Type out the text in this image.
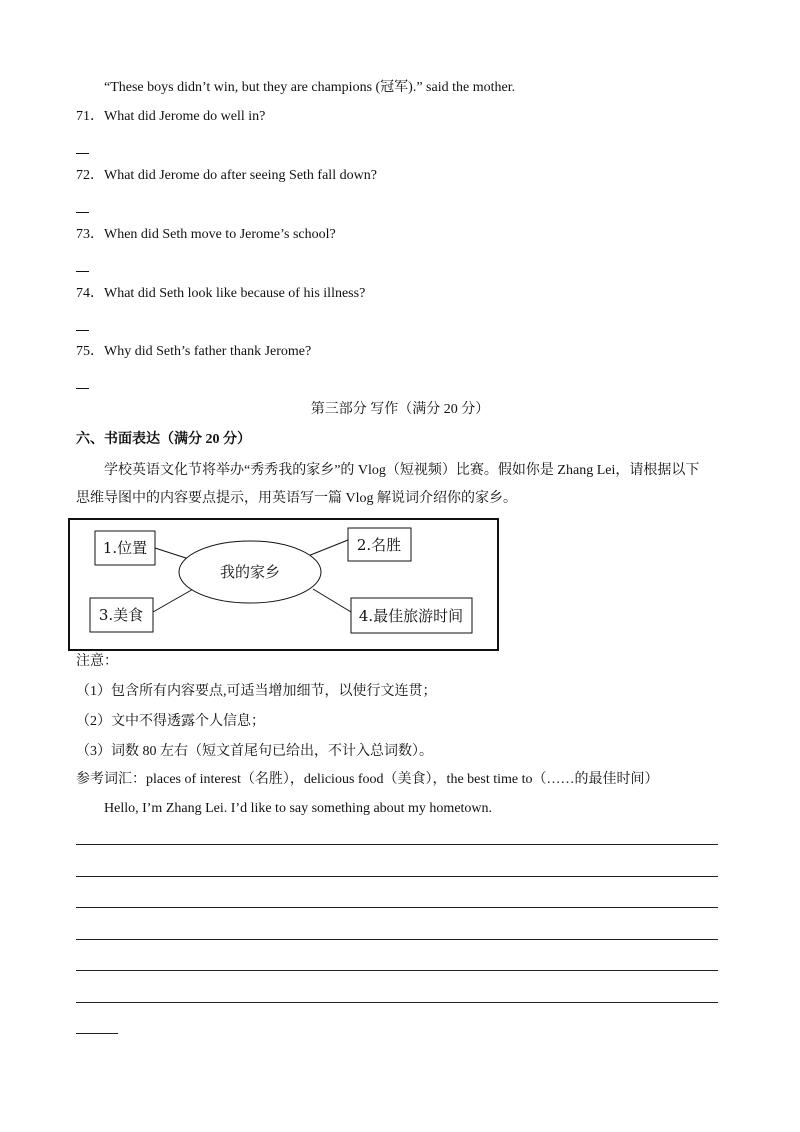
“These boys didn’t win, but they are champions (冠军).” said the mother.
71．What did Jerome do well in?
72．What did Jerome do after seeing Seth fall down?
73．When did Seth move to Jerome’s school?
74．What did Seth look like because of his illness?
75．Why did Seth’s father thank Jerome?
第三部分 写作（满分 20 分）
六、书面表达（满分 20 分）
学校英语文化节将举办“秀秀我的家乡”的 Vlog（短视频）比赛。假如你是 Zhang Lei，请根据以下
思维导图中的内容要点提示，用英语写一篇 Vlog 解说词介绍你的家乡。
我的家乡
1.位置	2.名胜
3.美食	4.最佳旅游时间
注意：
（1）包含所有内容要点,可适当增加细节，以使行文连贯；
（2）文中不得透露个人信息；
（3）词数 80 左右（短文首尾句已给出，不计入总词数）。
参考词汇：places of interest（名胜），delicious food（美食），the best time to（……的最佳时间）
Hello, I’m Zhang Lei. I’d like to say something about my hometown.
